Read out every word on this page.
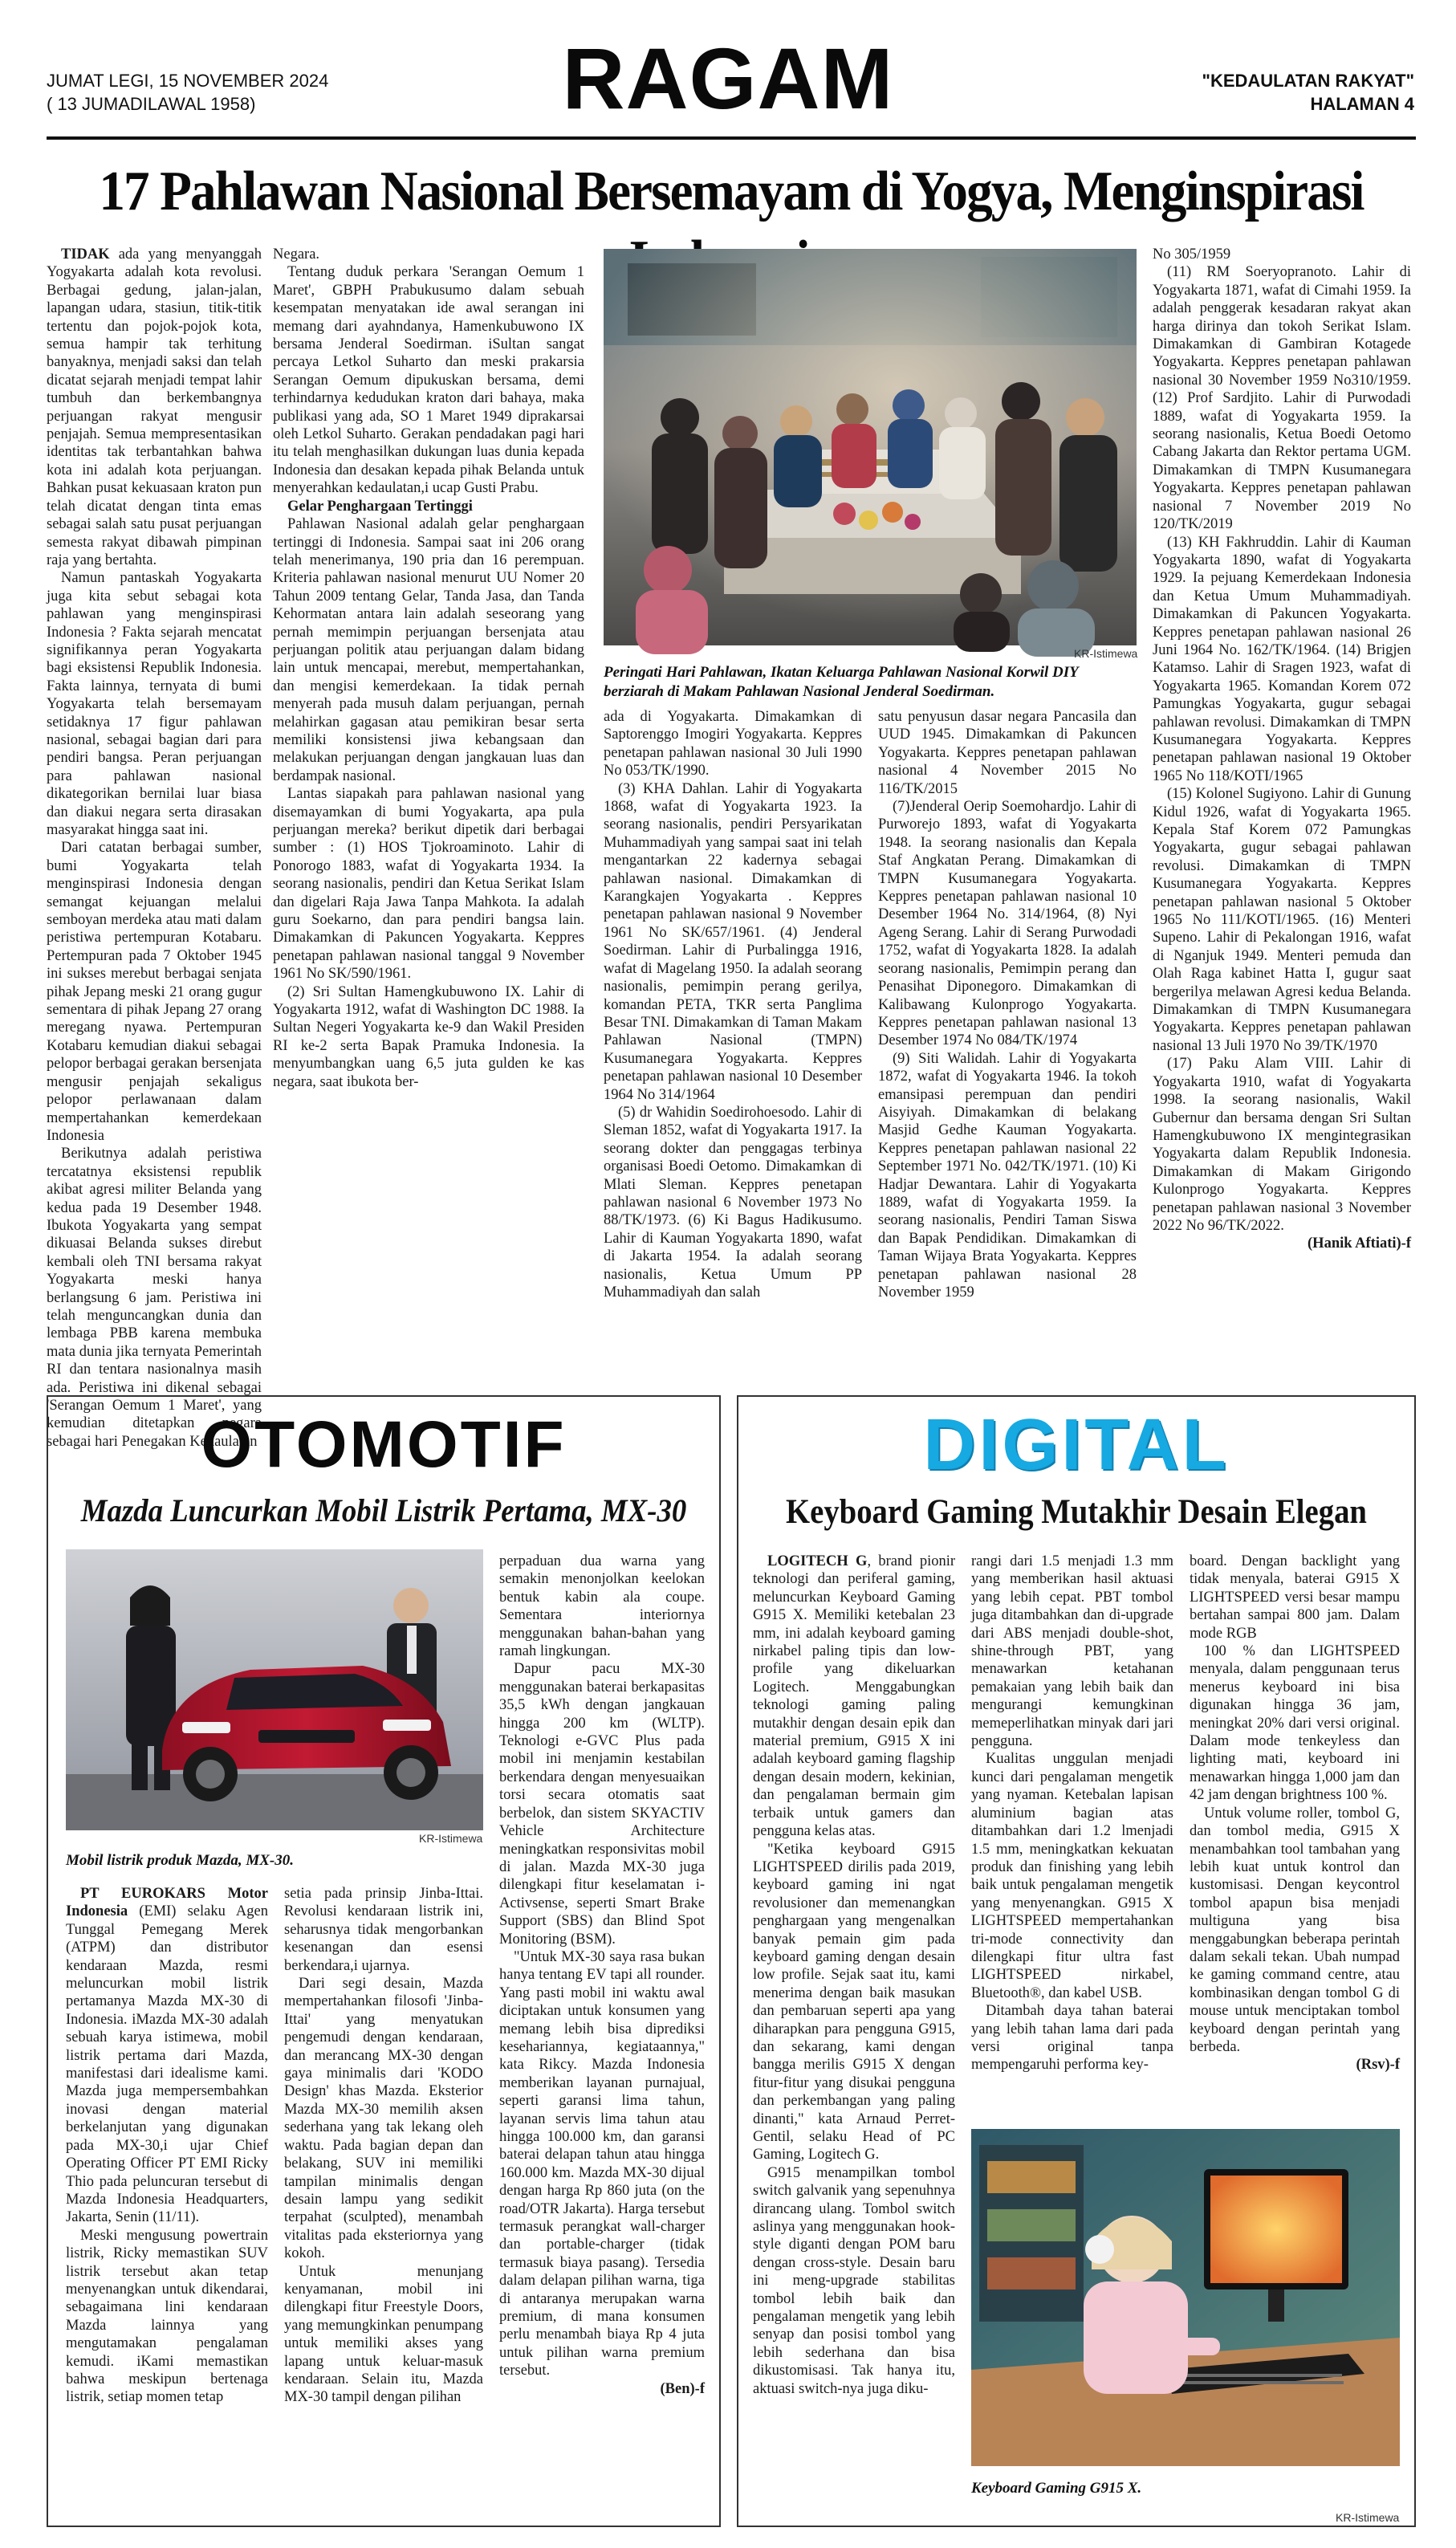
JUMAT LEGI, 15 NOVEMBER 2024
( 13 JUMADILAWAL 1958)	RAGAM	"KEDAULATAN RAKYAT"
HALAMAN 4
17 Pahlawan Nasional Bersemayam di Yogya, Menginspirasi

TIDAK ada yang menyanggah Yogyakarta adalah kota revolusi. Berbagai gedung, jalan-jalan, lapangan udara, stasiun, titik-titik tertentu dan pojok-pojok kota, semua hampir tak terhitung banyaknya, menjadi saksi dan telah dicatat sejarah menjadi tempat lahir tumbuh dan berkembangnya perjuangan rakyat mengusir penjajah. Semua mempresentasikan identitas tak terbantahkan bahwa kota ini adalah kota perjuangan. Bahkan pusat kekuasaan kraton pun telah dicatat dengan tinta emas sebagai salah satu pusat perjuangan semesta rakyat dibawah pimpinan raja yang bertahta.

Namun pantaskah Yogyakarta juga kita sebut sebagai kota pahlawan yang menginspirasi Indonesia ? Fakta sejarah mencatat signifikannya peran Yogyakarta bagi eksistensi Republik Indonesia. Fakta lainnya, ternyata di bumi Yogyakarta telah bersemayam setidaknya 17 figur pahlawan nasional, sebagai bagian dari para pendiri bangsa. Peran perjuangan para pahlawan nasional dikategorikan bernilai luar biasa dan diakui negara serta dirasakan masyarakat hingga saat ini.

Dari catatan berbagai sumber, bumi Yogyakarta telah menginspirasi Indonesia dengan semangat kejuangan melalui semboyan merdeka atau mati dalam peristiwa pertempuran Kotabaru. Pertempuran pada 7 Oktober 1945 ini sukses merebut berbagai senjata pihak Jepang meski 21 orang gugur sementara di pihak Jepang 27 orang meregang nyawa. Pertempuran Kotabaru kemudian diakui sebagai pelopor berbagai gerakan bersenjata mengusir penjajah sekaligus pelopor perlawanaan dalam mempertahankan kemerdekaan Indonesia

Berikutnya adalah peristiwa tercatatnya eksistensi republik akibat agresi militer Belanda yang kedua pada 19 Desember 1948. Ibukota Yogyakarta yang sempat dikuasai Belanda sukses direbut kembali oleh TNI bersama rakyat Yogyakarta meski hanya berlangsung 6 jam. Peristiwa ini telah menguncangkan dunia dan lembaga PBB karena membuka mata dunia jika ternyata Pemerintah RI dan tentara nasionalnya masih ada. Peristiwa ini dikenal sebagai 'Serangan Oemum 1 Maret', yang kemudian ditetapkan negara sebagai hari Penegakan Kedaulatan

Negara.

Tentang duduk perkara 'Serangan Oemum 1 Maret', GBPH Prabukusumo dalam sebuah kesempatan menyatakan ide awal serangan ini memang dari ayahndanya, Hamenkubuwono IX bersama Jenderal Soedirman. iSultan sangat percaya Letkol Suharto dan meski prakarsia Serangan Oemum dipukuskan bersama, demi terhindarnya kedudukan kraton dari bahaya, maka publikasi yang ada, SO 1 Maret 1949 diprakarsai oleh Letkol Suharto. Gerakan pendadakan pagi hari itu telah menghasilkan dukungan luas dunia kepada Indonesia dan desakan kepada pihak Belanda untuk menyerahkan kedaulatan,i ucap Gusti Prabu.

Gelar Penghargaan Tertinggi

Pahlawan Nasional adalah gelar penghargaan tertinggi di Indonesia. Sampai saat ini 206 orang telah menerimanya, 190 pria dan 16 perempuan. Kriteria pahlawan nasional menurut UU Nomer 20 Tahun 2009 tentang Gelar, Tanda Jasa, dan Tanda Kehormatan antara lain adalah seseorang yang pernah memimpin perjuangan bersenjata atau perjuangan politik atau perjuangan dalam bidang lain untuk mencapai, merebut, mempertahankan, dan mengisi kemerdekaan. Ia tidak pernah menyerah pada musuh dalam perjuangan, pernah melahirkan gagasan atau pemikiran besar serta memiliki konsistensi jiwa kebangsaan dan melakukan perjuangan dengan jangkauan luas dan berdampak nasional.

Lantas siapakah para pahlawan nasional yang disemayamkan di bumi Yogyakarta, apa pula perjuangan mereka? berikut dipetik dari berbagai sumber : (1) HOS Tjokroaminoto. Lahir di Ponorogo 1883, wafat di Yogyakarta 1934. Ia seorang nasionalis, pendiri dan Ketua Serikat Islam dan digelari Raja Jawa Tanpa Mahkota. Ia adalah guru Soekarno, dan para pendiri bangsa lain. Dimakamkan di Pakuncen Yogyakarta. Keppres penetapan pahlawan nasional tanggal 9 November 1961 No SK/590/1961.

(2) Sri Sultan Hamengkubuwono IX. Lahir di Yogyakarta 1912, wafat di Washington DC 1988. Ia Sultan Negeri Yogyakarta ke-9 dan Wakil Presiden RI ke-2 serta Bapak Pramuka Indonesia. Ia menyumbangkan uang 6,5 juta gulden ke kas negara, saat ibukota ber-

KR-Istimewa
Peringati Hari Pahlawan, Ikatan Keluarga Pahlawan Nasional Korwil DIY berziarah di Makam Pahlawan Nasional Jenderal Soedirman.

ada di Yogyakarta. Dimakamkan di Saptorenggo Imogiri Yogyakarta. Keppres penetapan pahlawan nasional 30 Juli 1990 No 053/TK/1990.

(3) KHA Dahlan. Lahir di Yogyakarta 1868, wafat di Yogyakarta 1923. Ia seorang nasionalis, pendiri Persyarikatan Muhammadiyah yang sampai saat ini telah mengantarkan 22 kadernya sebagai pahlawan nasional. Dimakamkan di Karangkajen Yogyakarta . Keppres penetapan pahlawan nasional 9 November 1961 No SK/657/1961. (4) Jenderal Soedirman. Lahir di Purbalingga 1916, wafat di Magelang 1950. Ia adalah seorang nasionalis, pemimpin perang gerilya, komandan PETA, TKR serta Panglima Besar TNI. Dimakamkan di Taman Makam Pahlawan Nasional (TMPN) Kusumanegara Yogyakarta. Keppres penetapan pahlawan nasional 10 Desember 1964 No 314/1964

(5) dr Wahidin Soedirohoesodo. Lahir di Sleman 1852, wafat di Yogyakarta 1917. Ia seorang dokter dan penggagas terbinya organisasi Boedi Oetomo. Dimakamkan di Mlati Sleman. Keppres penetapan pahlawan nasional 6 November 1973 No 88/TK/1973. (6) Ki Bagus Hadikusumo. Lahir di Kauman Yogyakarta 1890, wafat di Jakarta 1954. Ia adalah seorang nasionalis, Ketua Umum PP Muhammadiyah dan salah

satu penyusun dasar negara Pancasila dan UUD 1945. Dimakamkan di Pakuncen Yogyakarta. Keppres penetapan pahlawan nasional 4 November 2015 No 116/TK/2015

(7)Jenderal Oerip Soemohardjo. Lahir di Purworejo 1893, wafat di Yogyakarta 1948. Ia seorang nasionalis dan Kepala Staf Angkatan Perang. Dimakamkan di TMPN Kusumanegara Yogyakarta. Keppres penetapan pahlawan nasional 10 Desember 1964 No. 314/1964, (8) Nyi Ageng Serang. Lahir di Serang Purwodadi 1752, wafat di Yogyakarta 1828. Ia adalah seorang nasionalis, Pemimpin perang dan Penasihat Diponegoro. Dimakamkan di Kalibawang Kulonprogo Yogyakarta. Keppres penetapan pahlawan nasional 13 Desember 1974 No 084/TK/1974

(9) Siti Walidah. Lahir di Yogyakarta 1872, wafat di Yogyakarta 1946. Ia tokoh emansipasi perempuan dan pendiri Aisyiyah. Dimakamkan di belakang Masjid Gedhe Kauman Yogyakarta. Keppres penetapan pahlawan nasional 22 September 1971 No. 042/TK/1971. (10) Ki Hadjar Dewantara. Lahir di Yogyakarta 1889, wafat di Yogyakarta 1959. Ia seorang nasionalis, Pendiri Taman Siswa dan Bapak Pendidikan. Dimakamkan di Taman Wijaya Brata Yogyakarta. Keppres penetapan pahlawan nasional 28 November 1959

No 305/1959

(11) RM Soeryopranoto. Lahir di Yogyakarta 1871, wafat di Cimahi 1959. Ia adalah penggerak kesadaran rakyat akan harga dirinya dan tokoh Serikat Islam. Dimakamkan di Gambiran Kotagede Yogyakarta. Keppres penetapan pahlawan nasional 30 November 1959 No310/1959. (12) Prof Sardjito. Lahir di Purwodadi 1889, wafat di Yogyakarta 1959. Ia seorang nasionalis, Ketua Boedi Oetomo Cabang Jakarta dan Rektor pertama UGM. Dimakamkan di TMPN Kusumanegara Yogyakarta. Keppres penetapan pahlawan nasional 7 November 2019 No 120/TK/2019

(13) KH Fakhruddin. Lahir di Kauman Yogyakarta 1890, wafat di Yogyakarta 1929. Ia pejuang Kemerdekaan Indonesia dan Ketua Umum Muhammadiyah. Dimakamkan di Pakuncen Yogyakarta. Keppres penetapan pahlawan nasional 26 Juni 1964 No. 162/TK/1964. (14) Brigjen Katamso. Lahir di Sragen 1923, wafat di Yogyakarta 1965. Komandan Korem 072 Pamungkas Yogyakarta, gugur sebagai pahlawan revolusi. Dimakamkan di TMPN Kusumanegara Yogyakarta. Keppres penetapan pahlawan nasional 19 Oktober 1965 No 118/KOTI/1965

(15) Kolonel Sugiyono. Lahir di Gunung Kidul 1926, wafat di Yogyakarta 1965. Kepala Staf Korem 072 Pamungkas Yogyakarta, gugur sebagai pahlawan revolusi. Dimakamkan di TMPN Kusumanegara Yogyakarta. Keppres penetapan pahlawan nasional 5 Oktober 1965 No 111/KOTI/1965. (16) Menteri Supeno. Lahir di Pekalongan 1916, wafat di Nganjuk 1949. Menteri pemuda dan Olah Raga kabinet Hatta I, gugur saat bergerilya melawan Agresi kedua Belanda. Dimakamkan di TMPN Kusumanegara Yogyakarta. Keppres penetapan pahlawan nasional 13 Juli 1970 No 39/TK/1970

(17) Paku Alam VIII. Lahir di Yogyakarta 1910, wafat di Yogyakarta 1998. Ia seorang nasionalis, Wakil Gubernur dan bersama dengan Sri Sultan Hamengkubuwono IX mengintegrasikan Yogyakarta dalam Republik Indonesia. Dimakamkan di Makam Girigondo Kulonprogo Yogyakarta. Keppres penetapan pahlawan nasional 3 November 2022 No 96/TK/2022.

(Hanik Aftiati)-f
OTOMOTIF
Mazda Luncurkan Mobil Listrik Pertama, MX-30
KR-Istimewa
Mobil listrik produk Mazda, MX-30.

PT EUROKARS Motor Indonesia (EMI) selaku Agen Tunggal Pemegang Merek (ATPM) dan distributor kendaraan Mazda, resmi meluncurkan mobil listrik pertamanya Mazda MX-30 di Indonesia. iMazda MX-30 adalah sebuah karya istimewa, mobil listrik pertama dari Mazda, manifestasi dari idealisme kami. Mazda juga mempersembahkan inovasi dengan material berkelanjutan yang digunakan pada MX-30,i ujar Chief Operating Officer PT EMI Ricky Thio pada peluncuran tersebut di Mazda Indonesia Headquarters, Jakarta, Senin (11/11).

Meski mengusung powertrain listrik, Ricky memastikan SUV listrik tersebut akan tetap menyenangkan untuk dikendarai, sebagaimana lini kendaraan Mazda lainnya yang mengutamakan pengalaman kemudi. iKami memastikan bahwa meskipun bertenaga listrik, setiap momen tetap

setia pada prinsip Jinba-Ittai. Revolusi kendaraan listrik ini, seharusnya tidak mengorbankan kesenangan dan esensi berkendara,i ujarnya.

Dari segi desain, Mazda mempertahankan filosofi 'Jinba-Ittai' yang menyatukan pengemudi dengan kendaraan, dan merancang MX-30 dengan gaya minimalis dari 'KODO Design' khas Mazda. Eksterior Mazda MX-30 memilih aksen sederhana yang tak lekang oleh waktu. Pada bagian depan dan belakang, SUV ini memiliki tampilan minimalis dengan desain lampu yang sedikit terpahat (sculpted), menambah vitalitas pada eksteriornya yang kokoh.

Untuk menunjang kenyamanan, mobil ini dilengkapi fitur Freestyle Doors, yang memungkinkan penumpang untuk memiliki akses yang lapang untuk keluar-masuk kendaraan. Selain itu, Mazda MX-30 tampil dengan pilihan

perpaduan dua warna yang semakin menonjolkan keelokan bentuk kabin ala coupe. Sementara interiornya menggunakan bahan-bahan yang ramah lingkungan.

Dapur pacu MX-30 menggunakan baterai berkapasitas 35,5 kWh dengan jangkauan hingga 200 km (WLTP). Teknologi e-GVC Plus pada mobil ini menjamin kestabilan berkendara dengan menyesuaikan torsi secara otomatis saat berbelok, dan sistem SKYACTIV Vehicle Architecture meningkatkan responsivitas mobil di jalan. Mazda MX-30 juga dilengkapi fitur keselamatan i-Activsense, seperti Smart Brake Support (SBS) dan Blind Spot Monitoring (BSM).

"Untuk MX-30 saya rasa bukan hanya tentang EV tapi all rounder. Yang pasti mobil ini waktu awal diciptakan untuk konsumen yang memang lebih bisa diprediksi kesehariannya, kegiataannya," kata Rikcy. Mazda Indonesia memberikan layanan purnajual, seperti garansi lima tahun, layanan servis lima tahun atau hingga 100.000 km, dan garansi baterai delapan tahun atau hingga 160.000 km. Mazda MX-30 dijual dengan harga Rp 860 juta (on the road/OTR Jakarta). Harga tersebut termasuk perangkat wall-charger dan portable-charger (tidak termasuk biaya pasang). Tersedia dalam delapan pilihan warna, tiga di antaranya merupakan warna premium, di mana konsumen perlu menambah biaya Rp 4 juta untuk pilihan warna premium tersebut.

(Ben)-f
DIGITAL
Keyboard Gaming Mutakhir Desain Elegan

LOGITECH G, brand pionir teknologi dan periferal gaming, meluncurkan Keyboard Gaming G915 X. Memiliki ketebalan 23 mm, ini adalah keyboard gaming nirkabel paling tipis dan low-profile yang dikeluarkan Logitech. Menggabungkan teknologi gaming paling mutakhir dengan desain epik dan material premium, G915 X ini adalah keyboard gaming flagship dengan desain modern, kekinian, dan pengalaman bermain gim terbaik untuk gamers dan pengguna kelas atas.

"Ketika keyboard G915 LIGHTSPEED dirilis pada 2019, keyboard gaming ini ngat revolusioner dan memenangkan penghargaan yang mengenalkan banyak pemain gim pada keyboard gaming dengan desain low profile. Sejak saat itu, kami menerima dengan baik masukan dan pembaruan seperti apa yang diharapkan para pengguna G915, dan sekarang, kami dengan bangga merilis G915 X dengan fitur-fitur yang disukai pengguna dan perkembangan yang paling dinanti," kata Arnaud Perret-Gentil, selaku Head of PC Gaming, Logitech G.

G915 menampilkan tombol switch galvanik yang sepenuhnya dirancang ulang. Tombol switch aslinya yang menggunakan hook-style diganti dengan POM baru dengan cross-style. Desain baru ini meng-upgrade stabilitas tombol lebih baik dan pengalaman mengetik yang lebih senyap dan posisi tombol yang lebih sederhana dan bisa dikustomisasi. Tak hanya itu, aktuasi switch-nya juga diku-

rangi dari 1.5 menjadi 1.3 mm yang memberikan hasil aktuasi yang lebih cepat. PBT tombol juga ditambahkan dan di-upgrade dari ABS menjadi double-shot, shine-through PBT, yang menawarkan ketahanan pemakaian yang lebih baik dan mengurangi kemungkinan memeperlihatkan minyak dari jari pengguna.

Kualitas unggulan menjadi kunci dari pengalaman mengetik yang nyaman. Ketebalan lapisan aluminium bagian atas ditambahkan dari 1.2 lmenjadi 1.5 mm, meningkatkan kekuatan produk dan finishing yang lebih baik untuk pengalaman mengetik yang menyenangkan. G915 X LIGHTSPEED mempertahankan tri-mode connectivity dan dilengkapi fitur ultra fast LIGHTSPEED nirkabel, Bluetooth®, dan kabel USB.

Ditambah daya tahan baterai yang lebih tahan lama dari pada versi original tanpa mempengaruhi performa key-

board. Dengan backlight yang tidak menyala, baterai G915 X LIGHTSPEED versi besar mampu bertahan sampai 800 jam. Dalam mode RGB

100 % dan LIGHTSPEED menyala, dalam penggunaan terus menerus keyboard ini bisa digunakan hingga 36 jam, meningkat 20% dari versi original. Dalam mode tenkeyless dan lighting mati, keyboard ini menawarkan hingga 1,000 jam dan 42 jam dengan brightness 100 %.

Untuk volume roller, tombol G, dan tombol media, G915 X menambahkan tool tambahan yang lebih kuat untuk kontrol dan kustomisasi. Dengan keycontrol tombol apapun bisa menjadi multiguna yang bisa menggabungkan beberapa perintah dalam sekali tekan. Ubah numpad ke gaming command centre, atau kombinasikan dengan tombol G di mouse untuk menciptakan tombol keyboard dengan perintah yang berbeda.

(Rsv)-f
Keyboard Gaming G915 X.
KR-Istimewa
